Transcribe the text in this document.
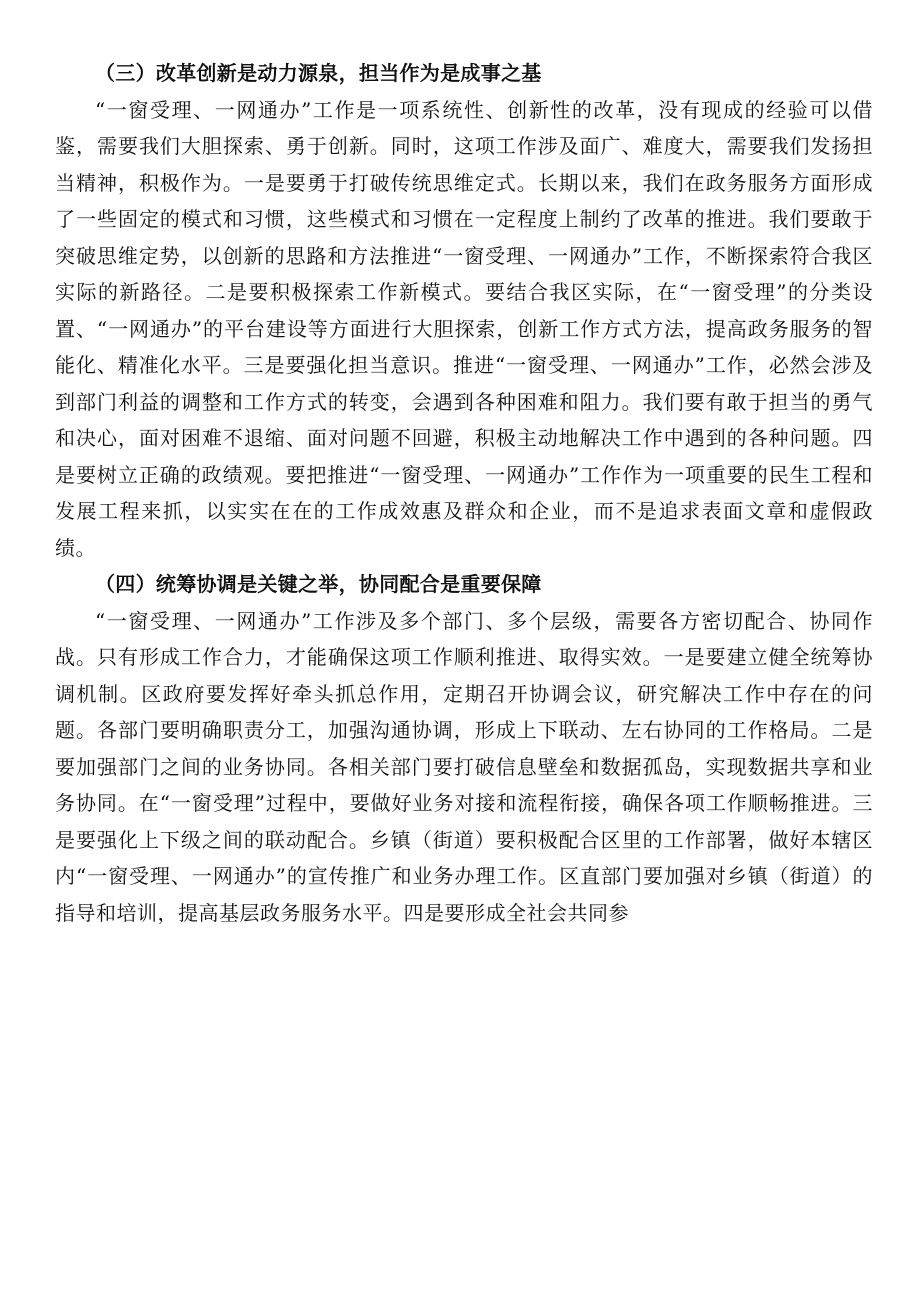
（三）改革创新是动力源泉，担当作为是成事之基

“一窗受理、一网通办”工作是一项系统性、创新性的改革，没有现成的经验可以借鉴，需要我们大胆探索、勇于创新。同时，这项工作涉及面广、难度大，需要我们发扬担当精神，积极作为。一是要勇于打破传统思维定式。长期以来，我们在政务服务方面形成了一些固定的模式和习惯，这些模式和习惯在一定程度上制约了改革的推进。我们要敢于突破思维定势，以创新的思路和方法推进“一窗受理、一网通办”工作，不断探索符合我区实际的新路径。二是要积极探索工作新模式。要结合我区实际，在“一窗受理”的分类设置、“一网通办”的平台建设等方面进行大胆探索，创新工作方式方法，提高政务服务的智能化、精准化水平。三是要强化担当意识。推进“一窗受理、一网通办”工作，必然会涉及到部门利益的调整和工作方式的转变，会遇到各种困难和阻力。我们要有敢于担当的勇气和决心，面对困难不退缩、面对问题不回避，积极主动地解决工作中遇到的各种问题。四是要树立正确的政绩观。要把推进“一窗受理、一网通办”工作作为一项重要的民生工程和发展工程来抓，以实实在在的工作成效惠及群众和企业，而不是追求表面文章和虚假政绩。

（四）统筹协调是关键之举，协同配合是重要保障

“一窗受理、一网通办”工作涉及多个部门、多个层级，需要各方密切配合、协同作战。只有形成工作合力，才能确保这项工作顺利推进、取得实效。一是要建立健全统筹协调机制。区政府要发挥好牵头抓总作用，定期召开协调会议，研究解决工作中存在的问题。各部门要明确职责分工，加强沟通协调，形成上下联动、左右协同的工作格局。二是要加强部门之间的业务协同。各相关部门要打破信息壁垒和数据孤岛，实现数据共享和业务协同。在“一窗受理”过程中，要做好业务对接和流程衔接，确保各项工作顺畅推进。三是要强化上下级之间的联动配合。乡镇（街道）要积极配合区里的工作部署，做好本辖区内“一窗受理、一网通办”的宣传推广和业务办理工作。区直部门要加强对乡镇（街道）的指导和培训，提高基层政务服务水平。四是要形成全社会共同参
